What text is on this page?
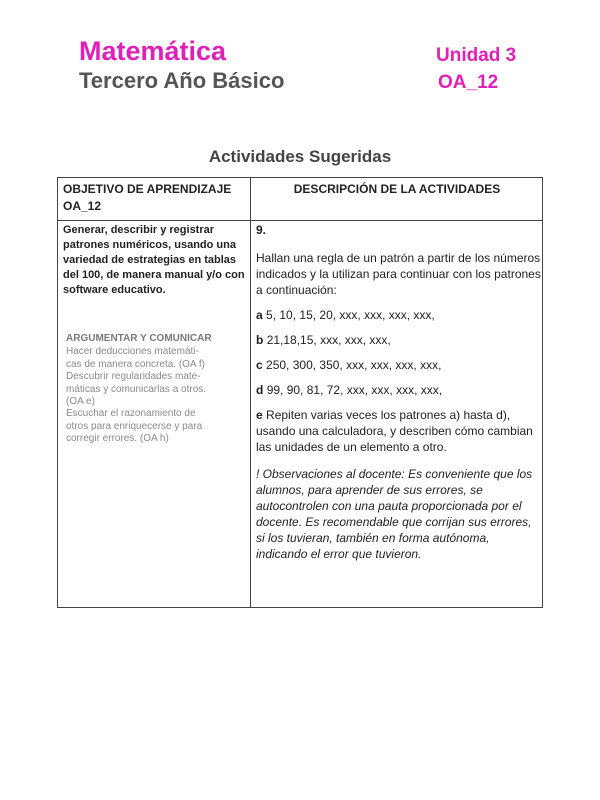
Matemática
Tercero Año Básico
Unidad 3
OA_12
Actividades Sugeridas
OBJETIVO DE APRENDIZAJE OA_12
DESCRIPCIÓN DE LA ACTIVIDADES
Generar, describir y registrar patrones numéricos, usando una variedad de estrategias en tablas del 100, de manera manual y/o con software educativo.
ARGUMENTAR Y COMUNICAR
Hacer deducciones matemáti-
cas de manera concreta. (OA f)
Descubrir regularidades mate-
máticas y comunicarlas a otros.
(OA e)
Escuchar el razonamiento de
otros para enriquecerse y para
corregir errores. (OA h)

9.

Hallan una regla de un patrón a partir de los números indicados y la utilizan para continuar con los patrones a continuación:

a 5, 10, 15, 20, xxx, xxx, xxx, xxx,

b 21,18,15, xxx, xxx, xxx,

c 250, 300, 350, xxx, xxx, xxx, xxx,

d 99, 90, 81, 72, xxx, xxx, xxx, xxx,

e Repiten varias veces los patrones a) hasta d), usando una calculadora, y describen cómo cambian las unidades de un elemento a otro.

! Observaciones al docente: Es conveniente que los alumnos, para aprender de sus errores, se autocontrolen con una pauta proporcionada por el docente. Es recomendable que corrijan sus errores, si los tuvieran, también en forma autónoma, indicando el error que tuvieron.
